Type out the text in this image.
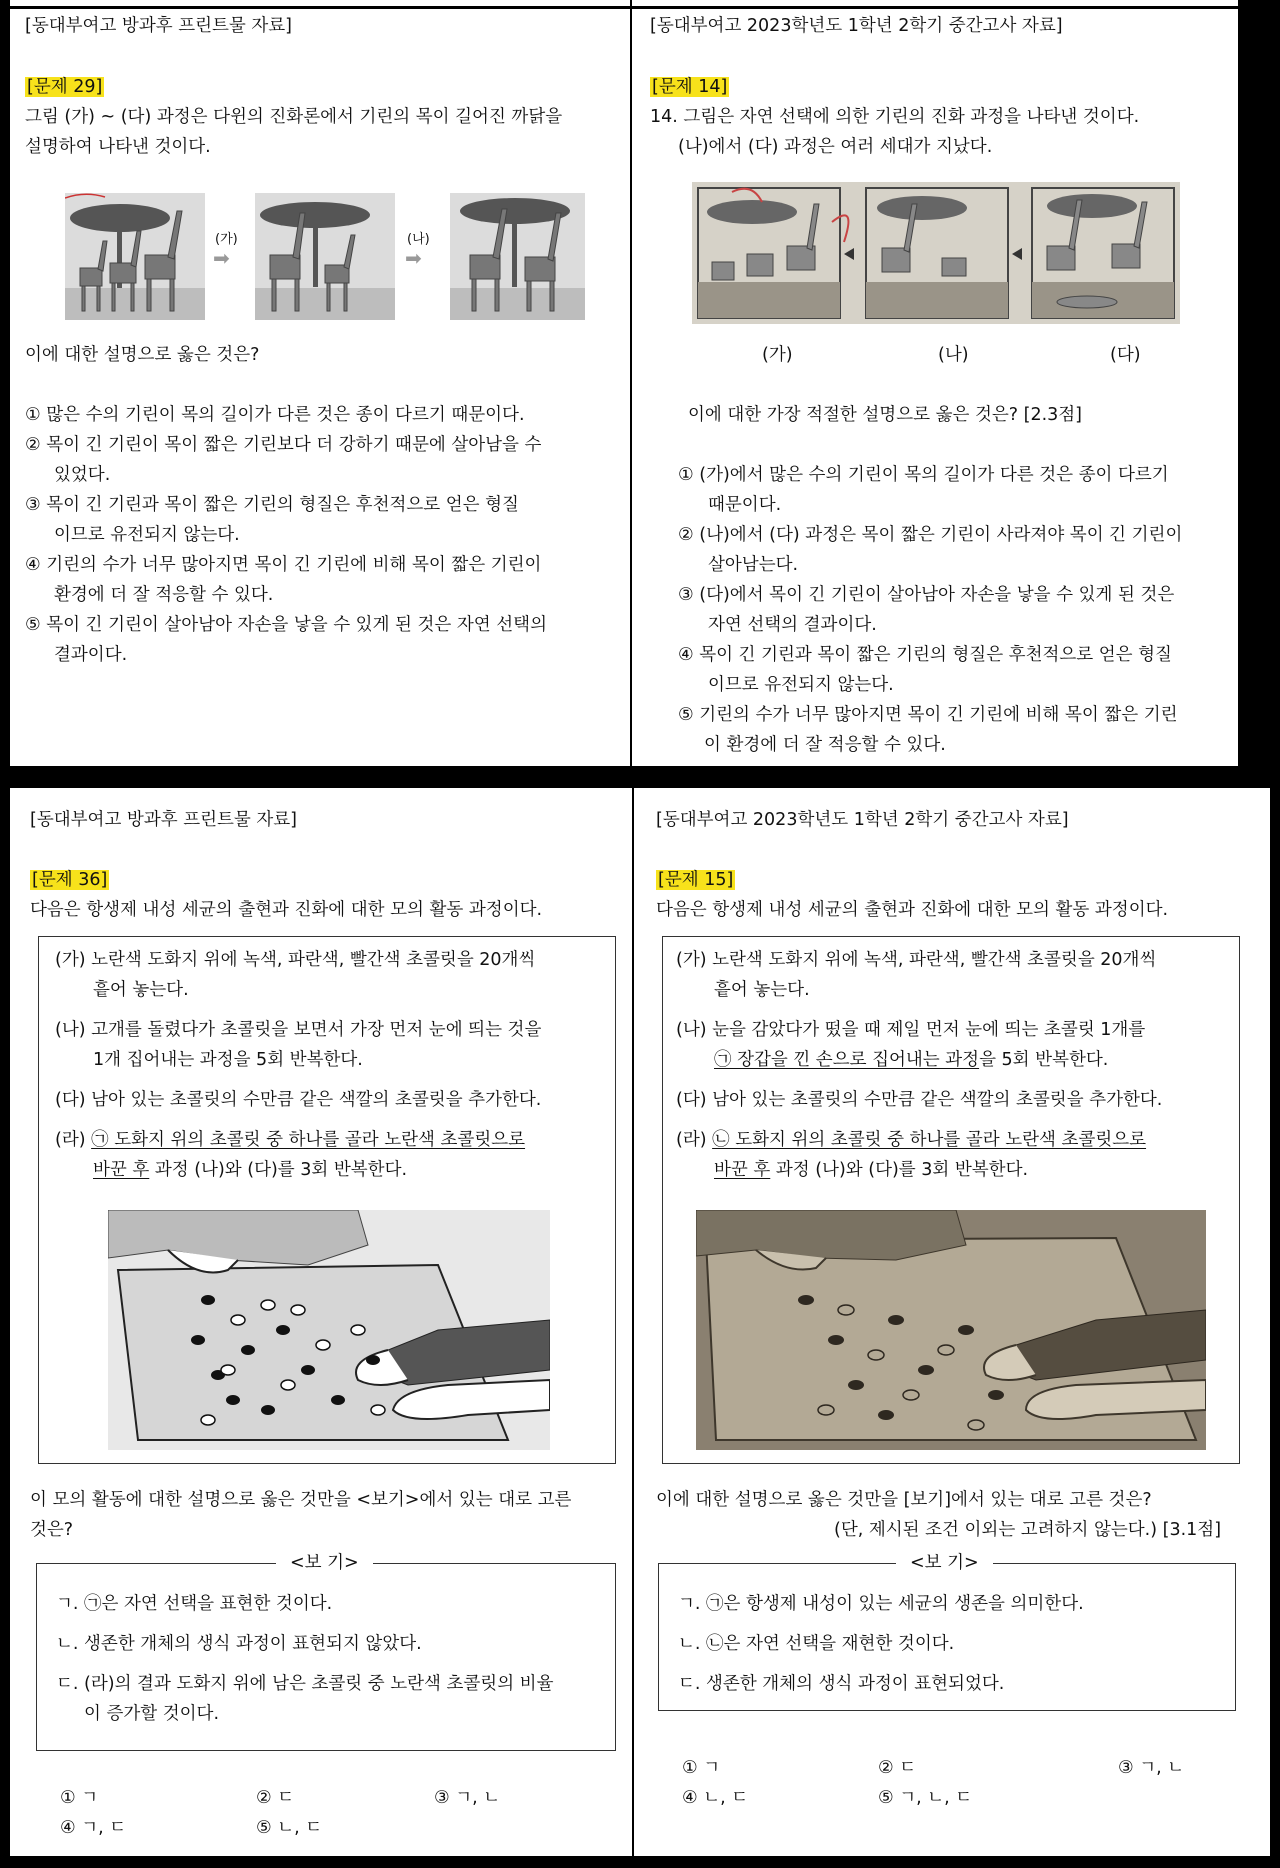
[동대부여고 방과후 프린트물 자료]
[문제 29]
그림 (가) ~ (다) 과정은 다윈의 진화론에서 기린의 목이 길어진 까닭을
설명하여 나타낸 것이다.
(가)
➡
(나)
➡
이에 대한 설명으로 옳은 것은?
① 많은 수의 기린이 목의 길이가 다른 것은 종이 다르기 때문이다.
② 목이 긴 기린이 목이 짧은 기린보다 더 강하기 때문에 살아남을 수
있었다.
③ 목이 긴 기린과 목이 짧은 기린의 형질은 후천적으로 얻은 형질
이므로 유전되지 않는다.
④ 기린의 수가 너무 많아지면 목이 긴 기린에 비해 목이 짧은 기린이
환경에 더 잘 적응할 수 있다.
⑤ 목이 긴 기린이 살아남아 자손을 낳을 수 있게 된 것은 자연 선택의
결과이다.
[동대부여고 2023학년도 1학년 2학기 중간고사 자료]
[문제 14]
14. 그림은 자연 선택에 의한 기린의 진화 과정을 나타낸 것이다.
(나)에서 (다) 과정은 여러 세대가 지났다.
(가)	(나)	(다)
이에 대한 가장 적절한 설명으로 옳은 것은? [2.3점]
① (가)에서 많은 수의 기린이 목의 길이가 다른 것은 종이 다르기
때문이다.
② (나)에서 (다) 과정은 목이 짧은 기린이 사라져야 목이 긴 기린이
살아남는다.
③ (다)에서 목이 긴 기린이 살아남아 자손을 낳을 수 있게 된 것은
자연 선택의 결과이다.
④ 목이 긴 기린과 목이 짧은 기린의 형질은 후천적으로 얻은 형질
이므로 유전되지 않는다.
⑤ 기린의 수가 너무 많아지면 목이 긴 기린에 비해 목이 짧은 기린
이 환경에 더 잘 적응할 수 있다.
[동대부여고 방과후 프린트물 자료]
[문제 36]
다음은 항생제 내성 세균의 출현과 진화에 대한 모의 활동 과정이다.
(가) 노란색 도화지 위에 녹색, 파란색, 빨간색 초콜릿을 20개씩
흩어 놓는다.
(나) 고개를 돌렸다가 초콜릿을 보면서 가장 먼저 눈에 띄는 것을
1개 집어내는 과정을 5회 반복한다.
(다) 남아 있는 초콜릿의 수만큼 같은 색깔의 초콜릿을 추가한다.
(라) ㉠ 도화지 위의 초콜릿 중 하나를 골라 노란색 초콜릿으로
바꾼 후 과정 (나)와 (다)를 3회 반복한다.
이 모의 활동에 대한 설명으로 옳은 것만을 <보기>에서 있는 대로 고른
것은?
<보 기>
ㄱ. ㉠은 자연 선택을 표현한 것이다.
ㄴ. 생존한 개체의 생식 과정이 표현되지 않았다.
ㄷ. (라)의 결과 도화지 위에 남은 초콜릿 중 노란색 초콜릿의 비율
이 증가할 것이다.
① ㄱ	② ㄷ	③ ㄱ, ㄴ
④ ㄱ, ㄷ	⑤ ㄴ, ㄷ
[동대부여고 2023학년도 1학년 2학기 중간고사 자료]
[문제 15]
다음은 항생제 내성 세균의 출현과 진화에 대한 모의 활동 과정이다.
(가) 노란색 도화지 위에 녹색, 파란색, 빨간색 초콜릿을 20개씩
흩어 놓는다.
(나) 눈을 감았다가 떴을 때 제일 먼저 눈에 띄는 초콜릿 1개를
㉠ 장갑을 낀 손으로 집어내는 과정을 5회 반복한다.
(다) 남아 있는 초콜릿의 수만큼 같은 색깔의 초콜릿을 추가한다.
(라) ㉡ 도화지 위의 초콜릿 중 하나를 골라 노란색 초콜릿으로
바꾼 후 과정 (나)와 (다)를 3회 반복한다.
이에 대한 설명으로 옳은 것만을 [보기]에서 있는 대로 고른 것은?
(단, 제시된 조건 이외는 고려하지 않는다.) [3.1점]
<보 기>
ㄱ. ㉠은 항생제 내성이 있는 세균의 생존을 의미한다.
ㄴ. ㉡은 자연 선택을 재현한 것이다.
ㄷ. 생존한 개체의 생식 과정이 표현되었다.
① ㄱ	② ㄷ	③ ㄱ, ㄴ
④ ㄴ, ㄷ	⑤ ㄱ, ㄴ, ㄷ
